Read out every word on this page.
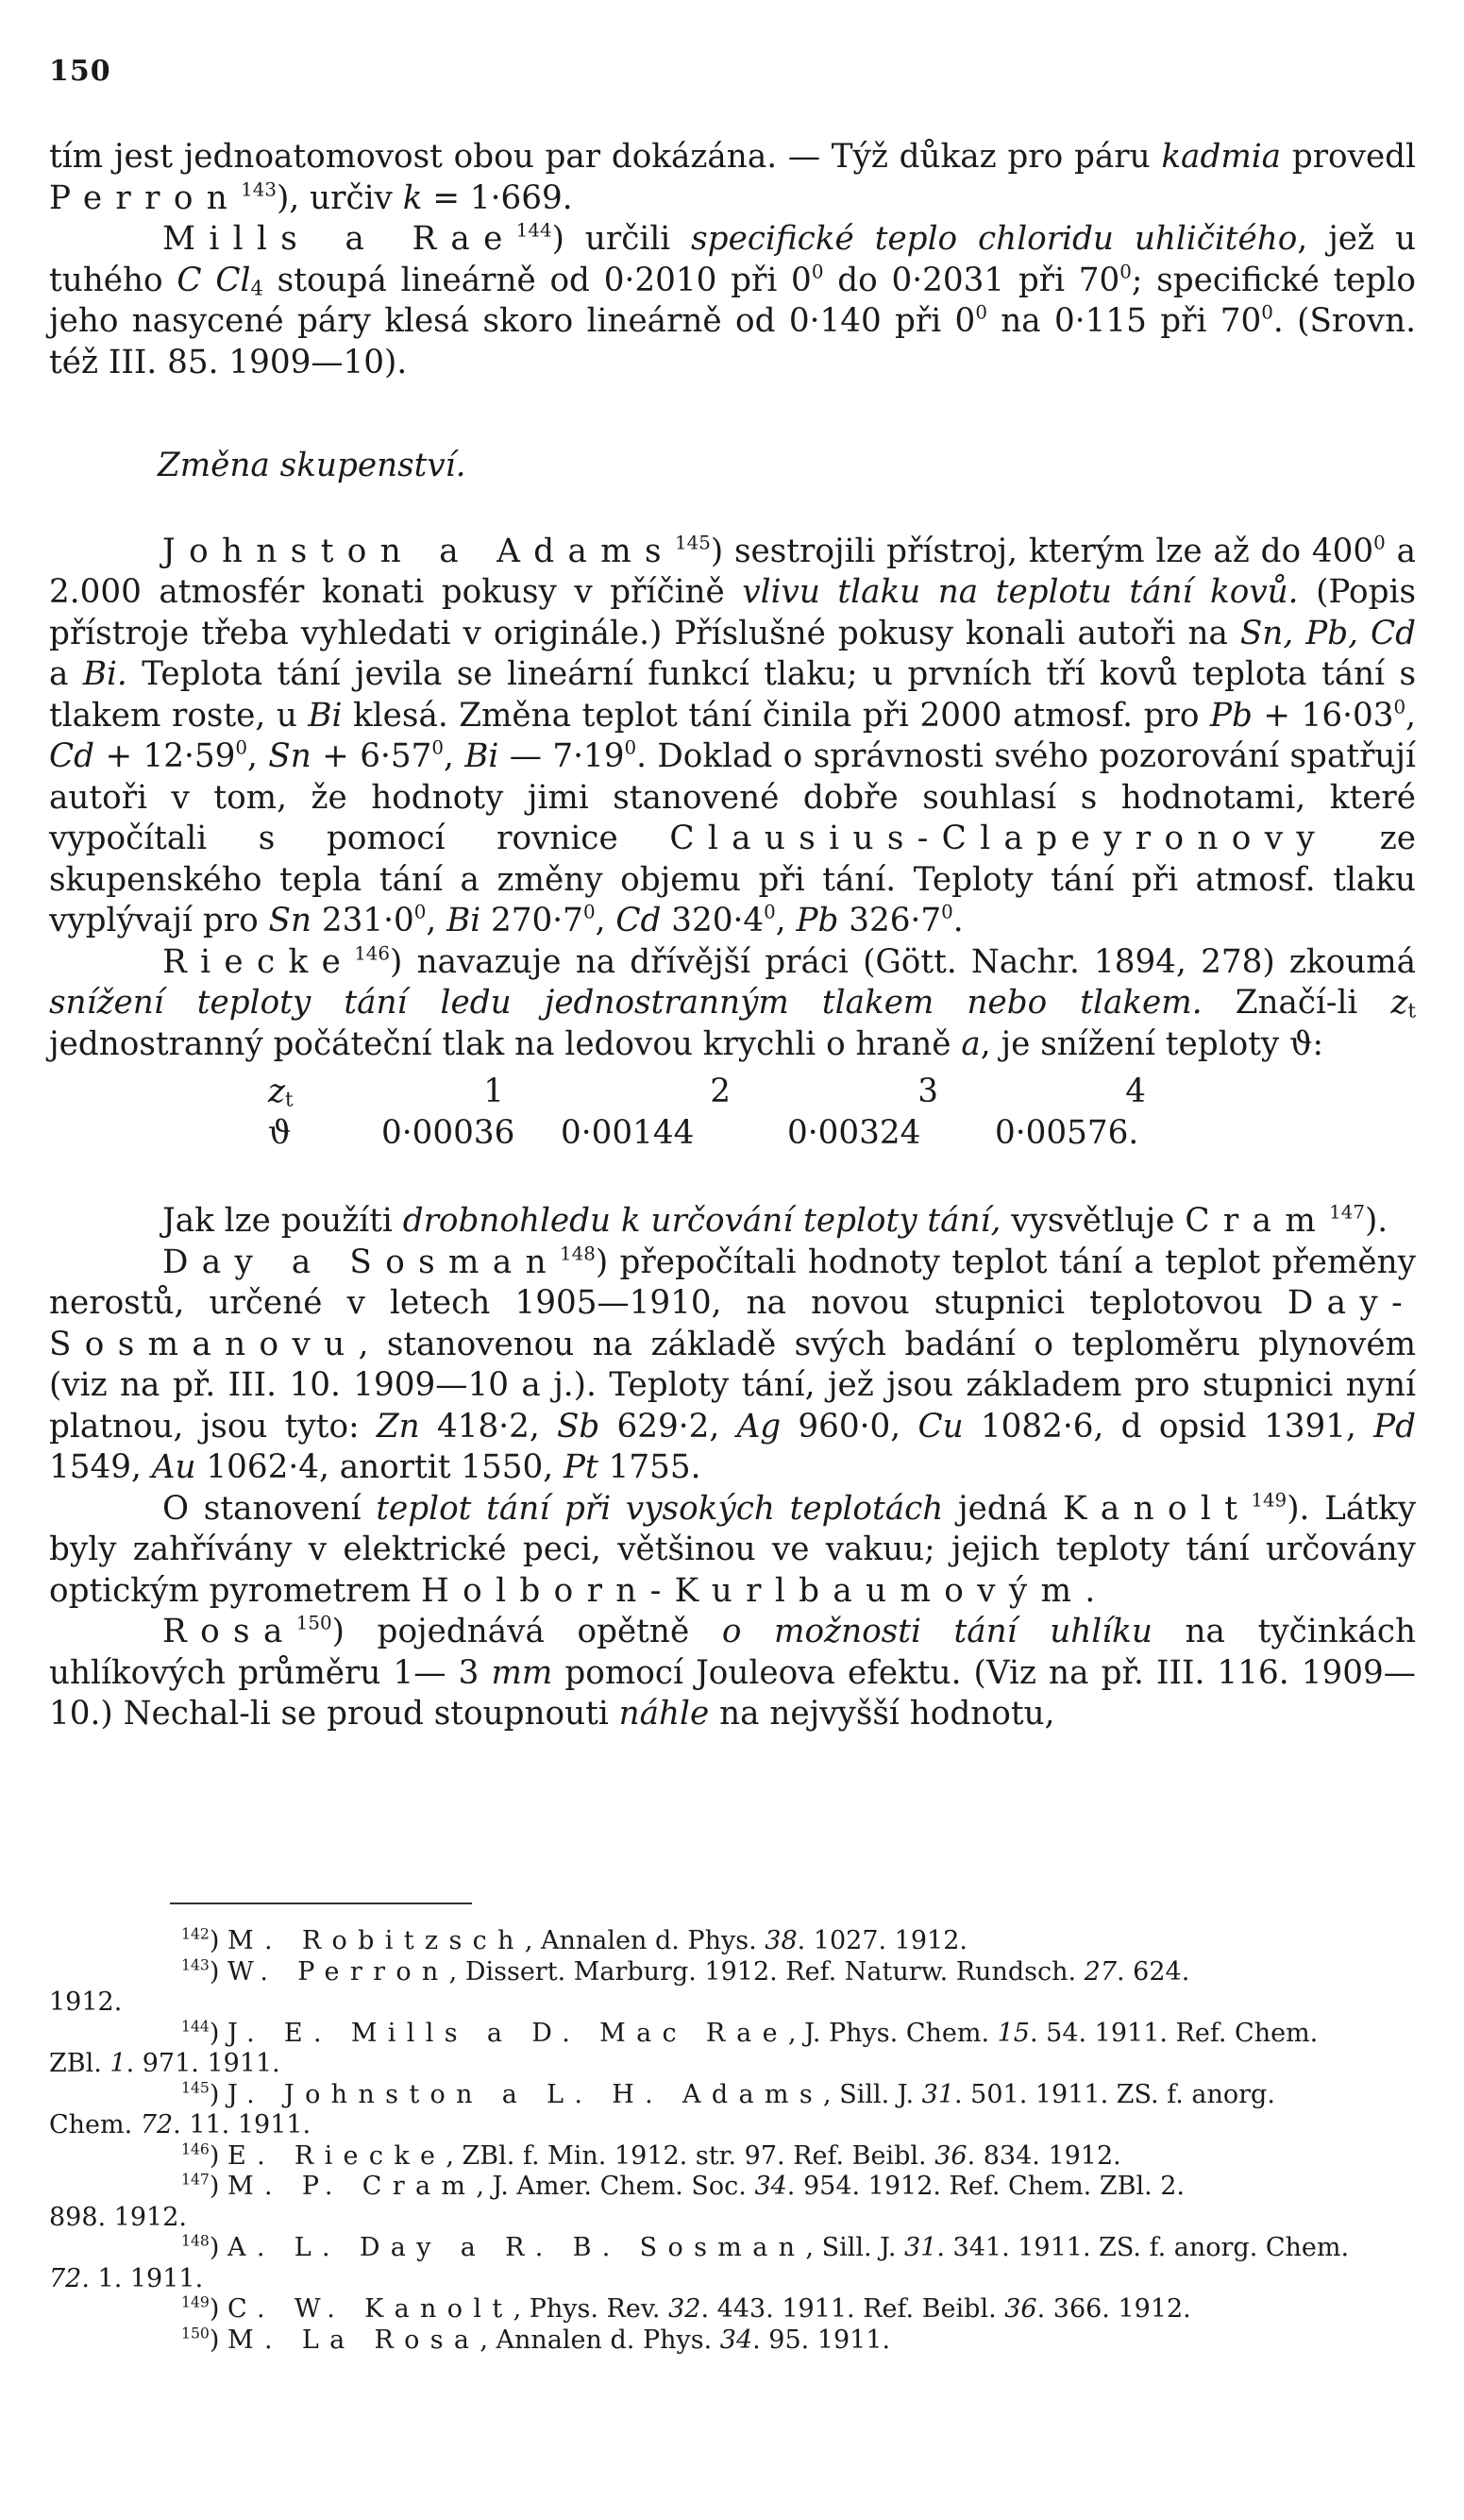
150

tím jest jednoatomovost obou par dokázána. — Týž důkaz pro páru kadmia provedl Perron$^{143}$), určiv k = 1·669.

Mills a Rae$^{144}$) určili specifické teplo chloridu uhličitého, jež u tuhého C $Cl_4$ stoupá lineárně od 0·2010 při $0^0$ do 0·2031 při $70^0$; specifické teplo jeho nasycené páry klesá skoro lineárně od 0·140 při $0^0$ na 0·115 při $70^0$. (Srovn. též III. 85. 1909—10).

Změna skupenství.

Johnston a Adams$^{145}$) sestrojili přístroj, kterým lze až do $400^0$ a 2.000 atmosfér konati pokusy v příčině vlivu tlaku na teplotu tání kovů. (Popis přístroje třeba vyhledati v originále.) Příslušné pokusy konali autoři na Sn, Pb, Cd a Bi. Teplota tání jevila se lineární funkcí tlaku; u prvních tří kovů teplota tání s tlakem roste, u Bi klesá. Změna teplot tání činila při 2000 atmosf. pro $Pb + 16\cdot 03^0$, $Cd + 12\cdot 59^0$, $Sn + 6\cdot 57^0$, Bi — $7\cdot 19^0$. Doklad o správnosti svého pozorování spatřují autoři v tom, že hodnoty jimi stanovené dobře souhlasí s hodnotami, které vypočítali s pomocí rovnice Clausius-Clapeyronovy ze skupenského tepla tání a změny objemu při tání. Teploty tání při atmosf. tlaku vyplývají pro Sn $231\cdot 0^0$, Bi $270\cdot 7^0$, Cd $320\cdot 4^0$, Pb $326\cdot 7^0$.

Riecke$^{146}$) navazuje na dřívější práci (Gött. Nachr. 1894, 278) zkoumá snížení teploty tání ledu jednostranným tlakem nebo tlakem. Značí-li $z_t$ jednostranný počáteční tlak na ledovou krychli o hraně a, je snížení teploty ϑ:

$z_t$	1	2	3	4
ϑ	0·00036	0·00144	0·00324	0·00576.

Jak lze použíti drobnohledu k určování teploty tání, vysvětluje Cram$^{147}$).

Day a Sosman$^{148}$) přepočítali hodnoty teplot tání a teplot přeměny nerostů, určené v letech 1905—1910, na novou stupnici teplotovou Day-Sosmanovu, stanovenou na základě svých badání o teploměru plynovém (viz na př. III. 10. 1909—10 a j.). Teploty tání, jež jsou základem pro stupnici nyní platnou, jsou tyto: Zn 418·2, Sb 629·2, Ag 960·0, Cu 1082·6, d opsid 1391, Pd 1549, Au 1062·4, anortit 1550, Pt 1755.

O stanovení teplot tání při vysokých teplotách jedná Kanolt$^{149}$). Látky byly zahřívány v elektrické peci, většinou ve vakuu; jejich teploty tání určovány optickým pyrometrem Holborn-Kurlbaumovým.

Rosa$^{150}$) pojednává opětně o možnosti tání uhlíku na tyčinkách uhlíkových průměru 1— 3 mm pomocí Jouleova efektu. (Viz na př. III. 116. 1909—10.) Nechal-li se proud stoupnouti náhle na nejvyšší hodnotu,

$^{142}$) M. Robitzsch, Annalen d. Phys. 38. 1027. 1912.

$^{143}$) W. Perron, Dissert. Marburg. 1912. Ref. Naturw. Rundsch. 27. 624.

1912.

$^{144}$) J. E. Mills a D. Mac Rae, J. Phys. Chem. 15. 54. 1911. Ref. Chem.

ZBl. 1. 971. 1911.

$^{145}$) J. Johnston a L. H. Adams, Sill. J. 31. 501. 1911. ZS. f. anorg.

Chem. 72. 11. 1911.

$^{146}$) E. Riecke, ZBl. f. Min. 1912. str. 97. Ref. Beibl. 36. 834. 1912.

$^{147}$) M. P. Cram, J. Amer. Chem. Soc. 34. 954. 1912. Ref. Chem. ZBl. 2.

898. 1912.

$^{148}$) A. L. Day a R. B. Sosman, Sill. J. 31. 341. 1911. ZS. f. anorg. Chem.

72. 1. 1911.

$^{149}$) C. W. Kanolt, Phys. Rev. 32. 443. 1911. Ref. Beibl. 36. 366. 1912.

$^{150}$) M. La Rosa, Annalen d. Phys. 34. 95. 1911.
